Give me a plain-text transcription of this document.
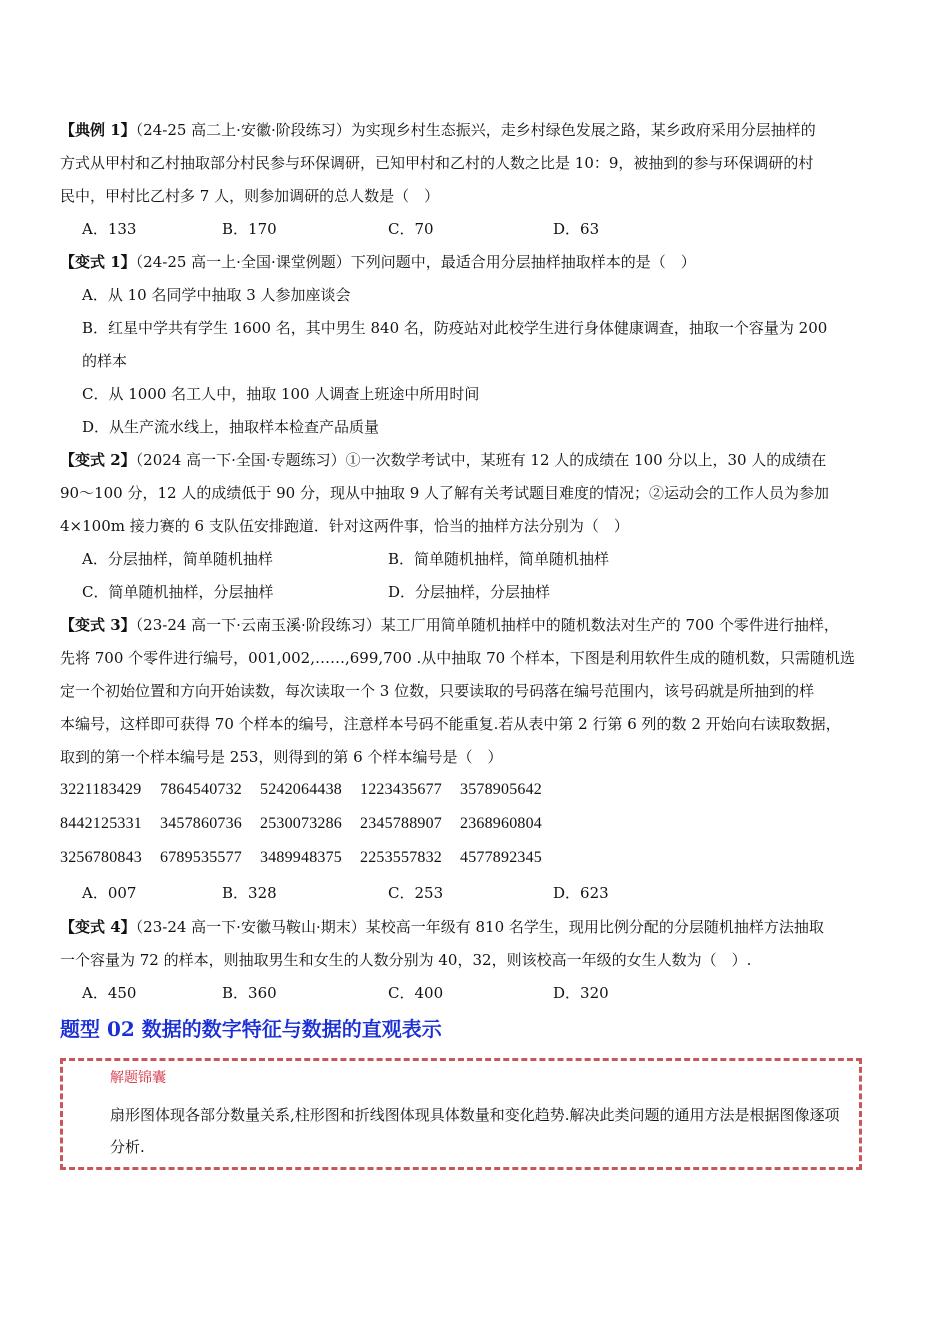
【典例 1】（24-25 高二上·安徽·阶段练习）为实现乡村生态振兴，走乡村绿色发展之路，某乡政府采用分层抽样的
方式从甲村和乙村抽取部分村民参与环保调研，已知甲村和乙村的人数之比是 10：9，被抽到的参与环保调研的村
民中，甲村比乙村多 7 人，则参加调研的总人数是（　）
A．133	B．170	C．70	D．63
【变式 1】（24-25 高一上·全国·课堂例题）下列问题中，最适合用分层抽样抽取样本的是（　）
A．从 10 名同学中抽取 3 人参加座谈会
B．红星中学共有学生 1600 名，其中男生 840 名，防疫站对此校学生进行身体健康调查，抽取一个容量为 200
的样本
C．从 1000 名工人中，抽取 100 人调查上班途中所用时间
D．从生产流水线上，抽取样本检查产品质量
【变式 2】（2024 高一下·全国·专题练习）①一次数学考试中，某班有 12 人的成绩在 100 分以上，30 人的成绩在
90～100 分，12 人的成绩低于 90 分，现从中抽取 9 人了解有关考试题目难度的情况；②运动会的工作人员为参加
4×100m 接力赛的 6 支队伍安排跑道．针对这两件事，恰当的抽样方法分别为（　）
A．分层抽样，简单随机抽样	B．简单随机抽样，简单随机抽样
C．简单随机抽样，分层抽样	D．分层抽样，分层抽样
【变式 3】（23-24 高一下·云南玉溪·阶段练习）某工厂用简单随机抽样中的随机数法对生产的 700 个零件进行抽样，
先将 700 个零件进行编号，001,002,……,699,700 .从中抽取 70 个样本，下图是利用软件生成的随机数，只需随机选
定一个初始位置和方向开始读数，每次读取一个 3 位数，只要读取的号码落在编号范围内，该号码就是所抽到的样
本编号，这样即可获得 70 个样本的编号，注意样本号码不能重复.若从表中第 2 行第 6 列的数 2 开始向右读取数据，
取到的第一个样本编号是 253，则得到的第 6 个样本编号是（　）
3221183429 7864540732 5242064438 1223435677 3578905642
8442125331 3457860736 2530073286 2345788907 2368960804
3256780843 6789535577 3489948375 2253557832 4577892345
A．007	B．328	C．253	D．623
【变式 4】（23-24 高一下·安徽马鞍山·期末）某校高一年级有 810 名学生，现用比例分配的分层随机抽样方法抽取
一个容量为 72 的样本，则抽取男生和女生的人数分别为 40，32，则该校高一年级的女生人数为（　）.
A．450	B．360	C．400	D．320
题型 02 数据的数字特征与数据的直观表示
解题锦囊
扇形图体现各部分数量关系,柱形图和折线图体现具体数量和变化趋势.解决此类问题的通用方法是根据图像逐项分析.
